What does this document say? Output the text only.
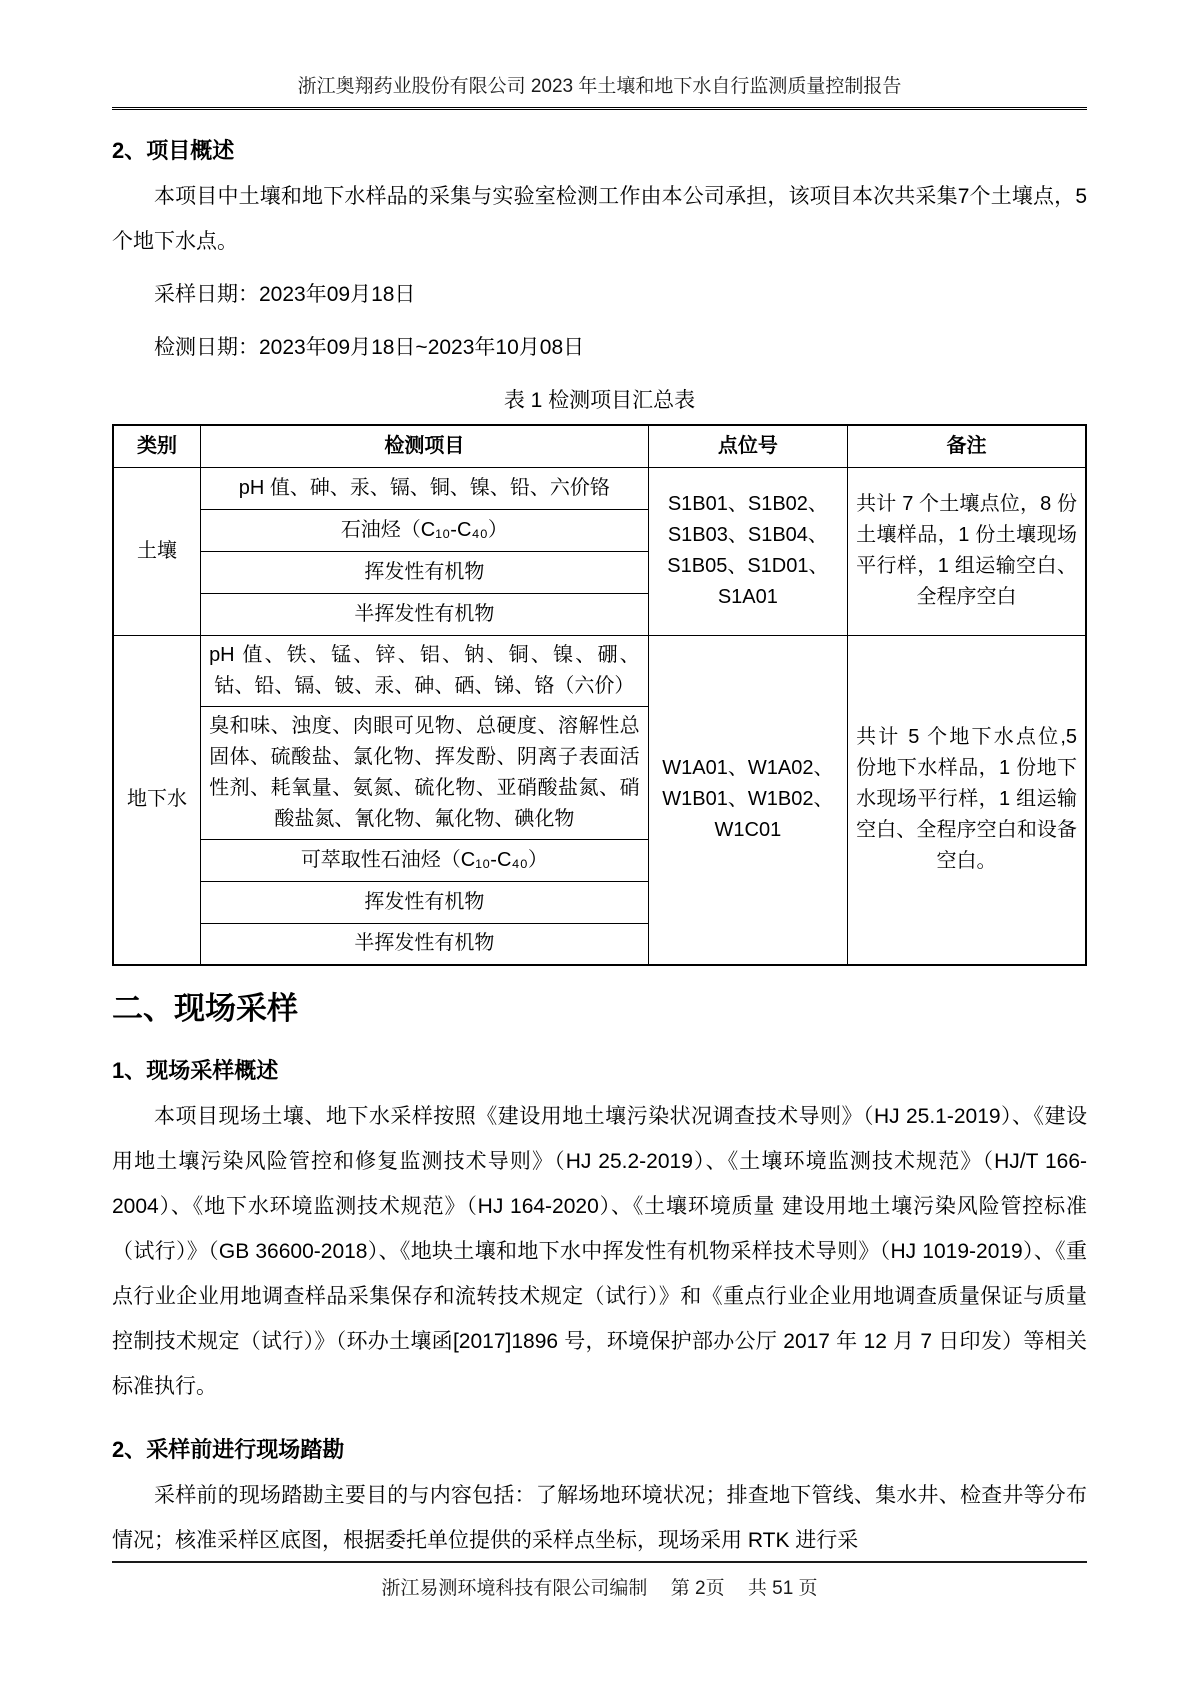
浙江奥翔药业股份有限公司 2023 年土壤和地下水自行监测质量控制报告
2、项目概述

本项目中土壤和地下水样品的采集与实验室检测工作由本公司承担，该项目本次共采集7个土壤点，5个地下水点。

采样日期：2023年09月18日

检测日期：2023年09月18日~2023年10月08日

表 1 检测项目汇总表
类别	检测项目	点位号	备注
土壤	pH 值、砷、汞、镉、铜、镍、铅、六价铬	S1B01、S1B02、S1B03、S1B04、S1B05、S1D01、S1A01	共计 7 个土壤点位，8 份土壤样品，1 份土壤现场平行样，1 组运输空白、全程序空白
	石油烃（C₁₀-C₄₀）		
	挥发性有机物		
	半挥发性有机物		
地下水	pH 值、铁、锰、锌、铝、钠、铜、镍、硼、钴、铅、镉、铍、汞、砷、硒、锑、铬（六价）	W1A01、W1A02、W1B01、W1B02、W1C01	共计 5 个地下水点位,5 份地下水样品，1 份地下水现场平行样，1 组运输空白、全程序空白和设备空白。
	臭和味、浊度、肉眼可见物、总硬度、溶解性总固体、硫酸盐、氯化物、挥发酚、阴离子表面活性剂、耗氧量、氨氮、硫化物、亚硝酸盐氮、硝酸盐氮、氰化物、氟化物、碘化物		
	可萃取性石油烃（C₁₀-C₄₀）		
	挥发性有机物		
	半挥发性有机物		
二、现场采样
1、现场采样概述

本项目现场土壤、地下水采样按照《建设用地土壤污染状况调查技术导则》（HJ 25.1-2019）、《建设用地土壤污染风险管控和修复监测技术导则》（HJ 25.2-2019）、《土壤环境监测技术规范》（HJ/T 166-2004）、《地下水环境监测技术规范》（HJ 164-2020）、《土壤环境质量 建设用地土壤污染风险管控标准（试行）》（GB 36600-2018）、《地块土壤和地下水中挥发性有机物采样技术导则》（HJ 1019-2019）、《重点行业企业用地调查样品采集保存和流转技术规定（试行）》和《重点行业企业用地调查质量保证与质量控制技术规定（试行）》（环办土壤函[2017]1896 号，环境保护部办公厅 2017 年 12 月 7 日印发）等相关标准执行。

2、采样前进行现场踏勘

采样前的现场踏勘主要目的与内容包括：了解场地环境状况；排查地下管线、集水井、检查井等分布情况；核准采样区底图，根据委托单位提供的采样点坐标，现场采用 RTK 进行采

浙江易测环境科技有限公司编制 第 2页 共 51 页
